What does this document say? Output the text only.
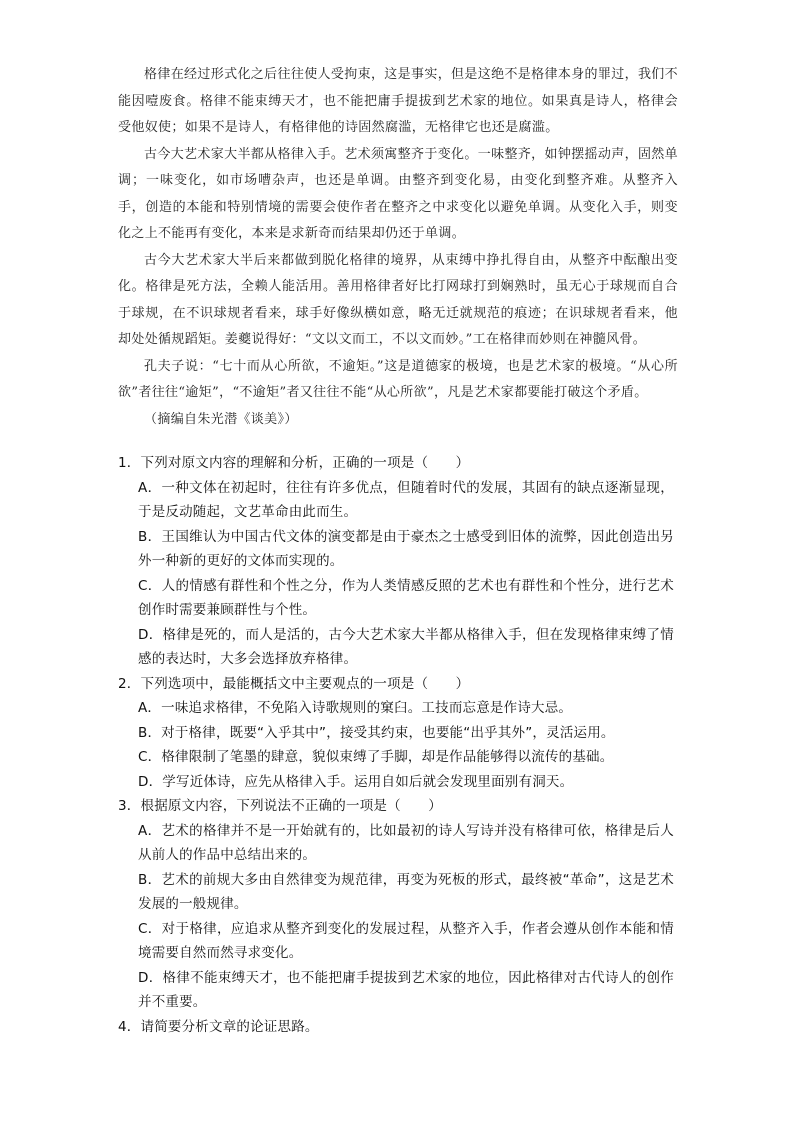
格律在经过形式化之后往往使人受拘束，这是事实，但是这绝不是格律本身的罪过，我们不能因噎废食。格律不能束缚天才，也不能把庸手提拔到艺术家的地位。如果真是诗人，格律会受他奴使；如果不是诗人，有格律他的诗固然腐滥，无格律它也还是腐滥。

古今大艺术家大半都从格律入手。艺术须寓整齐于变化。一味整齐，如钟摆摇动声，固然单调；一味变化，如市场嘈杂声，也还是单调。由整齐到变化易，由变化到整齐难。从整齐入手，创造的本能和特别情境的需要会使作者在整齐之中求变化以避免单调。从变化入手，则变化之上不能再有变化，本来是求新奇而结果却仍还于单调。

古今大艺术家大半后来都做到脱化格律的境界，从束缚中挣扎得自由，从整齐中酝酿出变化。格律是死方法，全赖人能活用。善用格律者好比打网球打到娴熟时，虽无心于球规而自合于球规，在不识球规者看来，球手好像纵横如意，略无迁就规范的痕迹；在识球规者看来，他却处处循规蹈矩。姜夔说得好：“文以文而工，不以文而妙。”工在格律而妙则在神髓风骨。

孔夫子说：“七十而从心所欲，不逾矩。”这是道德家的极境，也是艺术家的极境。“从心所欲”者往往“逾矩”，“不逾矩”者又往往不能“从心所欲”，凡是艺术家都要能打破这个矛盾。

（摘编自朱光潜《谈美》）

1．下列对原文内容的理解和分析，正确的一项是（　　）
A．一种文体在初起时，往往有许多优点，但随着时代的发展，其固有的缺点逐渐显现，于是反动随起，文艺革命由此而生。
B．王国维认为中国古代文体的演变都是由于豪杰之士感受到旧体的流弊，因此创造出另外一种新的更好的文体而实现的。
C．人的情感有群性和个性之分，作为人类情感反照的艺术也有群性和个性分，进行艺术创作时需要兼顾群性与个性。
D．格律是死的，而人是活的，古今大艺术家大半都从格律入手，但在发现格律束缚了情感的表达时，大多会选择放弃格律。
2．下列选项中，最能概括文中主要观点的一项是（　　）
A．一味追求格律，不免陷入诗歌规则的窠臼。工技而忘意是作诗大忌。
B．对于格律，既要“入乎其中”，接受其约束，也要能“出乎其外”，灵活运用。
C．格律限制了笔墨的肆意，貌似束缚了手脚，却是作品能够得以流传的基础。
D．学写近体诗，应先从格律入手。运用自如后就会发现里面别有洞天。
3．根据原文内容，下列说法不正确的一项是（　　）
A．艺术的格律并不是一开始就有的，比如最初的诗人写诗并没有格律可依，格律是后人从前人的作品中总结出来的。
B．艺术的前规大多由自然律变为规范律，再变为死板的形式，最终被“革命”，这是艺术发展的一般规律。
C．对于格律，应追求从整齐到变化的发展过程，从整齐入手，作者会遵从创作本能和情境需要自然而然寻求变化。
D．格律不能束缚天才，也不能把庸手提拔到艺术家的地位，因此格律对古代诗人的创作并不重要。
4．请简要分析文章的论证思路。
